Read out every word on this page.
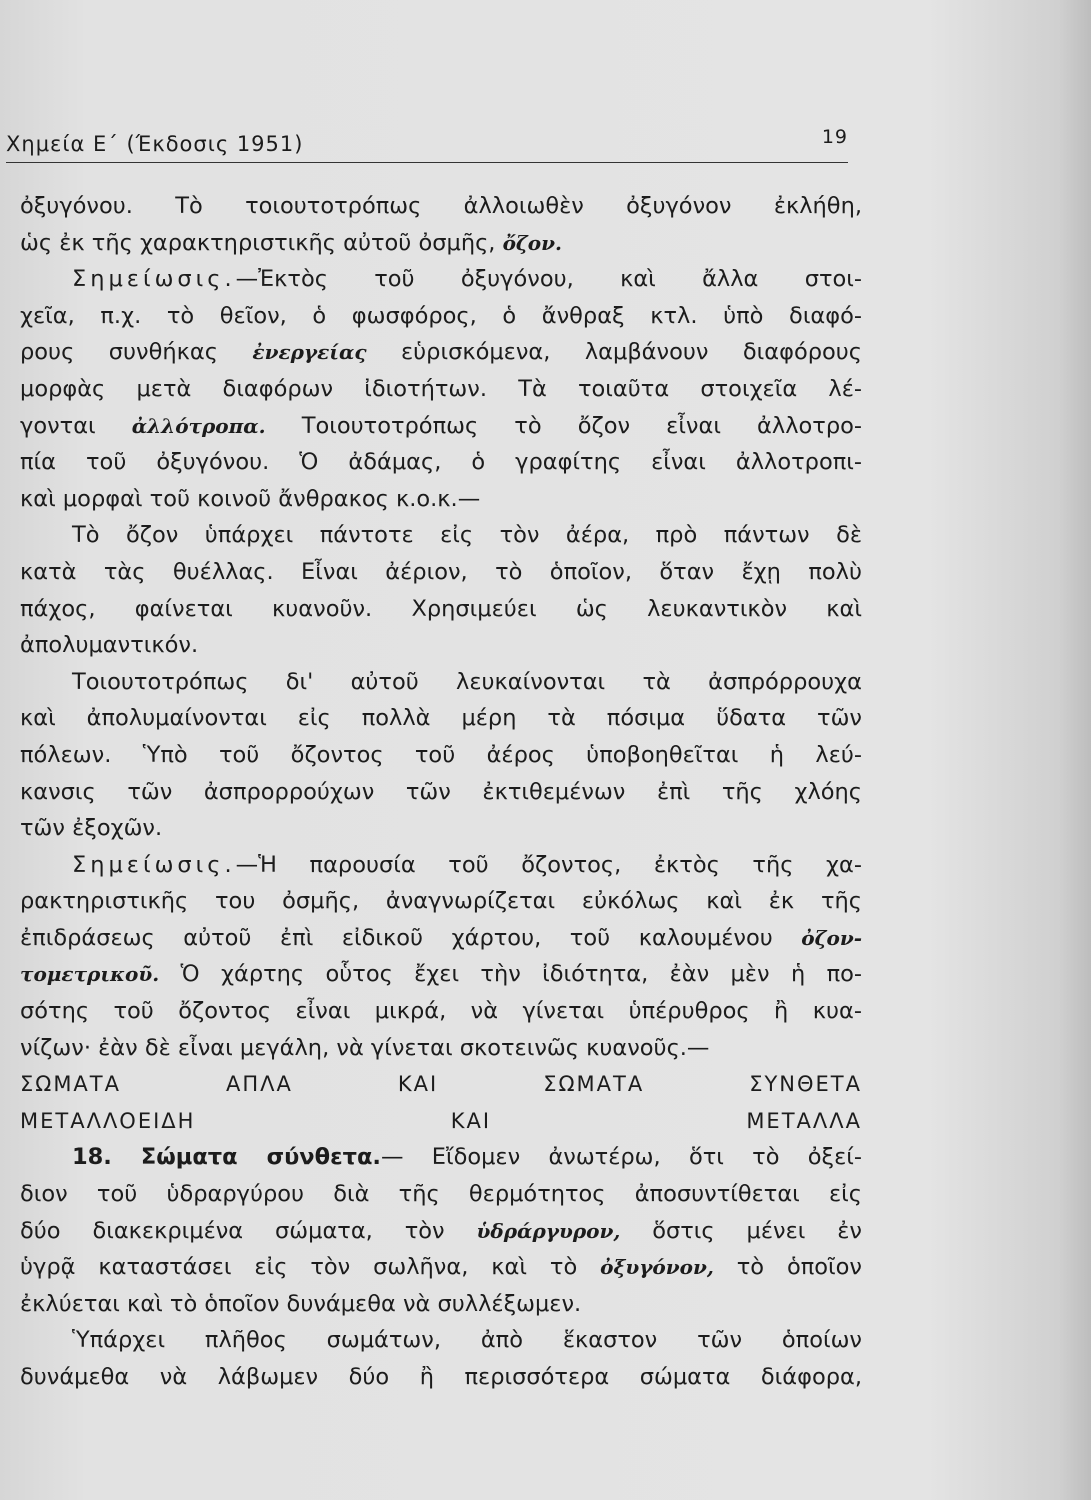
Χημεία Ε΄ (Έκδοσις 1951)	19

ὀξυγόνου. Τὸ τοιουτοτρόπως ἀλλοιωθὲν ὀξυγόνον ἐκλήθη,

ὡς ἐκ τῆς χαρακτηριστικῆς αὐτοῦ ὀσμῆς, ὄζον.

Σημείωσις.—Ἐκτὸς τοῦ ὀξυγόνου, καὶ ἄλλα στοι-

χεῖα, π.χ. τὸ θεῖον, ὁ φωσφόρος, ὁ ἄνθραξ κτλ. ὑπὸ διαφό-

ρους συνθήκας ἐνεργείας εὑρισκόμενα, λαμβάνουν διαφόρους

μορφὰς μετὰ διαφόρων ἰδιοτήτων. Τὰ τοιαῦτα στοιχεῖα λέ-

γονται ἀλλότροπα. Τοιουτοτρόπως τὸ ὄζον εἶναι ἀλλοτρο-

πία τοῦ ὀξυγόνου. Ὁ ἀδάμας, ὁ γραφίτης εἶναι ἀλλοτροπι-

καὶ μορφαὶ τοῦ κοινοῦ ἄνθρακος κ.ο.κ.—

Τὸ ὄζον ὑπάρχει πάντοτε εἰς τὸν ἀέρα, πρὸ πάντων δὲ

κατὰ τὰς θυέλλας. Εἶναι ἀέριον, τὸ ὁποῖον, ὅταν ἔχῃ πολὺ

πάχος, φαίνεται κυανοῦν. Χρησιμεύει ὡς λευκαντικὸν καὶ

ἀπολυμαντικόν.

Τοιουτοτρόπως δι' αὐτοῦ λευκαίνονται τὰ ἀσπρόρρουχα

καὶ ἀπολυμαίνονται εἰς πολλὰ μέρη τὰ πόσιμα ὕδατα τῶν

πόλεων. Ὑπὸ τοῦ ὄζοντος τοῦ ἀέρος ὑποβοηθεῖται ἡ λεύ-

κανσις τῶν ἀσπρορρούχων τῶν ἐκτιθεμένων ἐπὶ τῆς χλόης

τῶν ἐξοχῶν.

Σημείωσις.—Ἡ παρουσία τοῦ ὄζοντος, ἐκτὸς τῆς χα-

ρακτηριστικῆς του ὀσμῆς, ἀναγνωρίζεται εὐκόλως καὶ ἐκ τῆς

ἐπιδράσεως αὐτοῦ ἐπὶ εἰδικοῦ χάρτου, τοῦ καλουμένου ὀζον-

τομετρικοῦ. Ὁ χάρτης οὗτος ἔχει τὴν ἰδιότητα, ἐὰν μὲν ἡ πο-

σότης τοῦ ὄζοντος εἶναι μικρά, νὰ γίνεται ὑπέρυθρος ἢ κυα-

νίζων· ἐὰν δὲ εἶναι μεγάλη, νὰ γίνεται σκοτεινῶς κυανοῦς.—

ΣΩΜΑΤΑ ΑΠΛΑ ΚΑΙ ΣΩΜΑΤΑ ΣΥΝΘΕΤΑ

ΜΕΤΑΛΛΟΕΙΔΗ ΚΑΙ ΜΕΤΑΛΛΑ

18. Σώματα σύνθετα.— Εἴδομεν ἀνωτέρω, ὅτι τὸ ὀξεί-

διον τοῦ ὑδραργύρου διὰ τῆς θερμότητος ἀποσυντίθεται εἰς

δύο διακεκριμένα σώματα, τὸν ὑδράργυρον, ὅστις μένει ἐν

ὑγρᾷ καταστάσει εἰς τὸν σωλῆνα, καὶ τὸ ὀξυγόνον, τὸ ὁποῖον

ἐκλύεται καὶ τὸ ὁποῖον δυνάμεθα νὰ συλλέξωμεν.

Ὑπάρχει πλῆθος σωμάτων, ἀπὸ ἕκαστον τῶν ὁποίων

δυνάμεθα νὰ λάβωμεν δύο ἢ περισσότερα σώματα διάφορα,
